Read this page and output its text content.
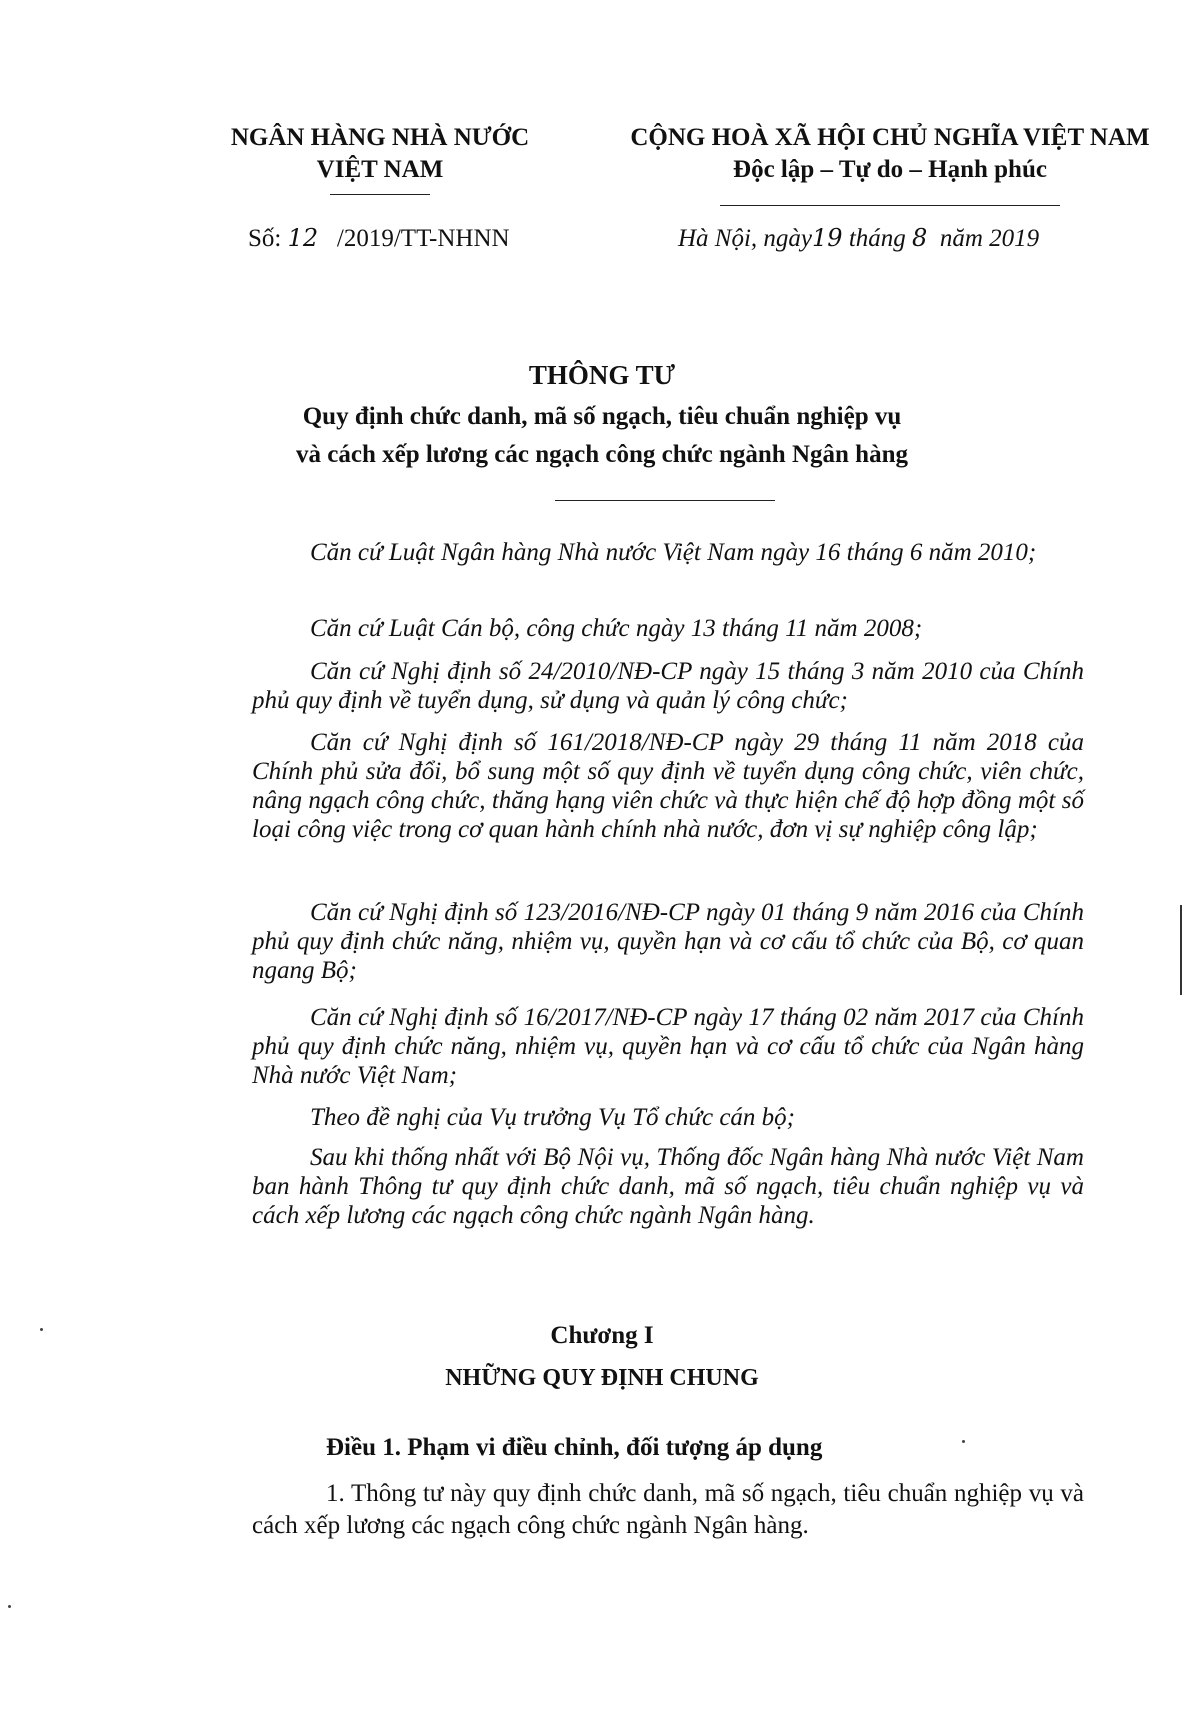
NGÂN HÀNG NHÀ NƯỚC
VIỆT NAM
CỘNG HOÀ XÃ HỘI CHỦ NGHĨA VIỆT NAM
Độc lập – Tự do – Hạnh phúc
Số: 12 /2019/TT-NHNN	Hà Nội, ngày19 tháng 8 năm 2019
THÔNG TƯ
Quy định chức danh, mã số ngạch, tiêu chuẩn nghiệp vụ
và cách xếp lương các ngạch công chức ngành Ngân hàng
Căn cứ Luật Ngân hàng Nhà nước Việt Nam ngày 16 tháng 6 năm 2010;
Căn cứ Luật Cán bộ, công chức ngày 13 tháng 11 năm 2008;
Căn cứ Nghị định số 24/2010/NĐ-CP ngày 15 tháng 3 năm 2010 của Chính phủ quy định về tuyển dụng, sử dụng và quản lý công chức;
Căn cứ Nghị định số 161/2018/NĐ-CP ngày 29 tháng 11 năm 2018 của Chính phủ sửa đổi, bổ sung một số quy định về tuyển dụng công chức, viên chức, nâng ngạch công chức, thăng hạng viên chức và thực hiện chế độ hợp đồng một số loại công việc trong cơ quan hành chính nhà nước, đơn vị sự nghiệp công lập;
Căn cứ Nghị định số 123/2016/NĐ-CP ngày 01 tháng 9 năm 2016 của Chính phủ quy định chức năng, nhiệm vụ, quyền hạn và cơ cấu tổ chức của Bộ, cơ quan ngang Bộ;
Căn cứ Nghị định số 16/2017/NĐ-CP ngày 17 tháng 02 năm 2017 của Chính phủ quy định chức năng, nhiệm vụ, quyền hạn và cơ cấu tổ chức của Ngân hàng Nhà nước Việt Nam;
Theo đề nghị của Vụ trưởng Vụ Tổ chức cán bộ;
Sau khi thống nhất với Bộ Nội vụ, Thống đốc Ngân hàng Nhà nước Việt Nam ban hành Thông tư quy định chức danh, mã số ngạch, tiêu chuẩn nghiệp vụ và cách xếp lương các ngạch công chức ngành Ngân hàng.
Chương I
NHỮNG QUY ĐỊNH CHUNG
Điều 1. Phạm vi điều chỉnh, đối tượng áp dụng
1. Thông tư này quy định chức danh, mã số ngạch, tiêu chuẩn nghiệp vụ và cách xếp lương các ngạch công chức ngành Ngân hàng.
